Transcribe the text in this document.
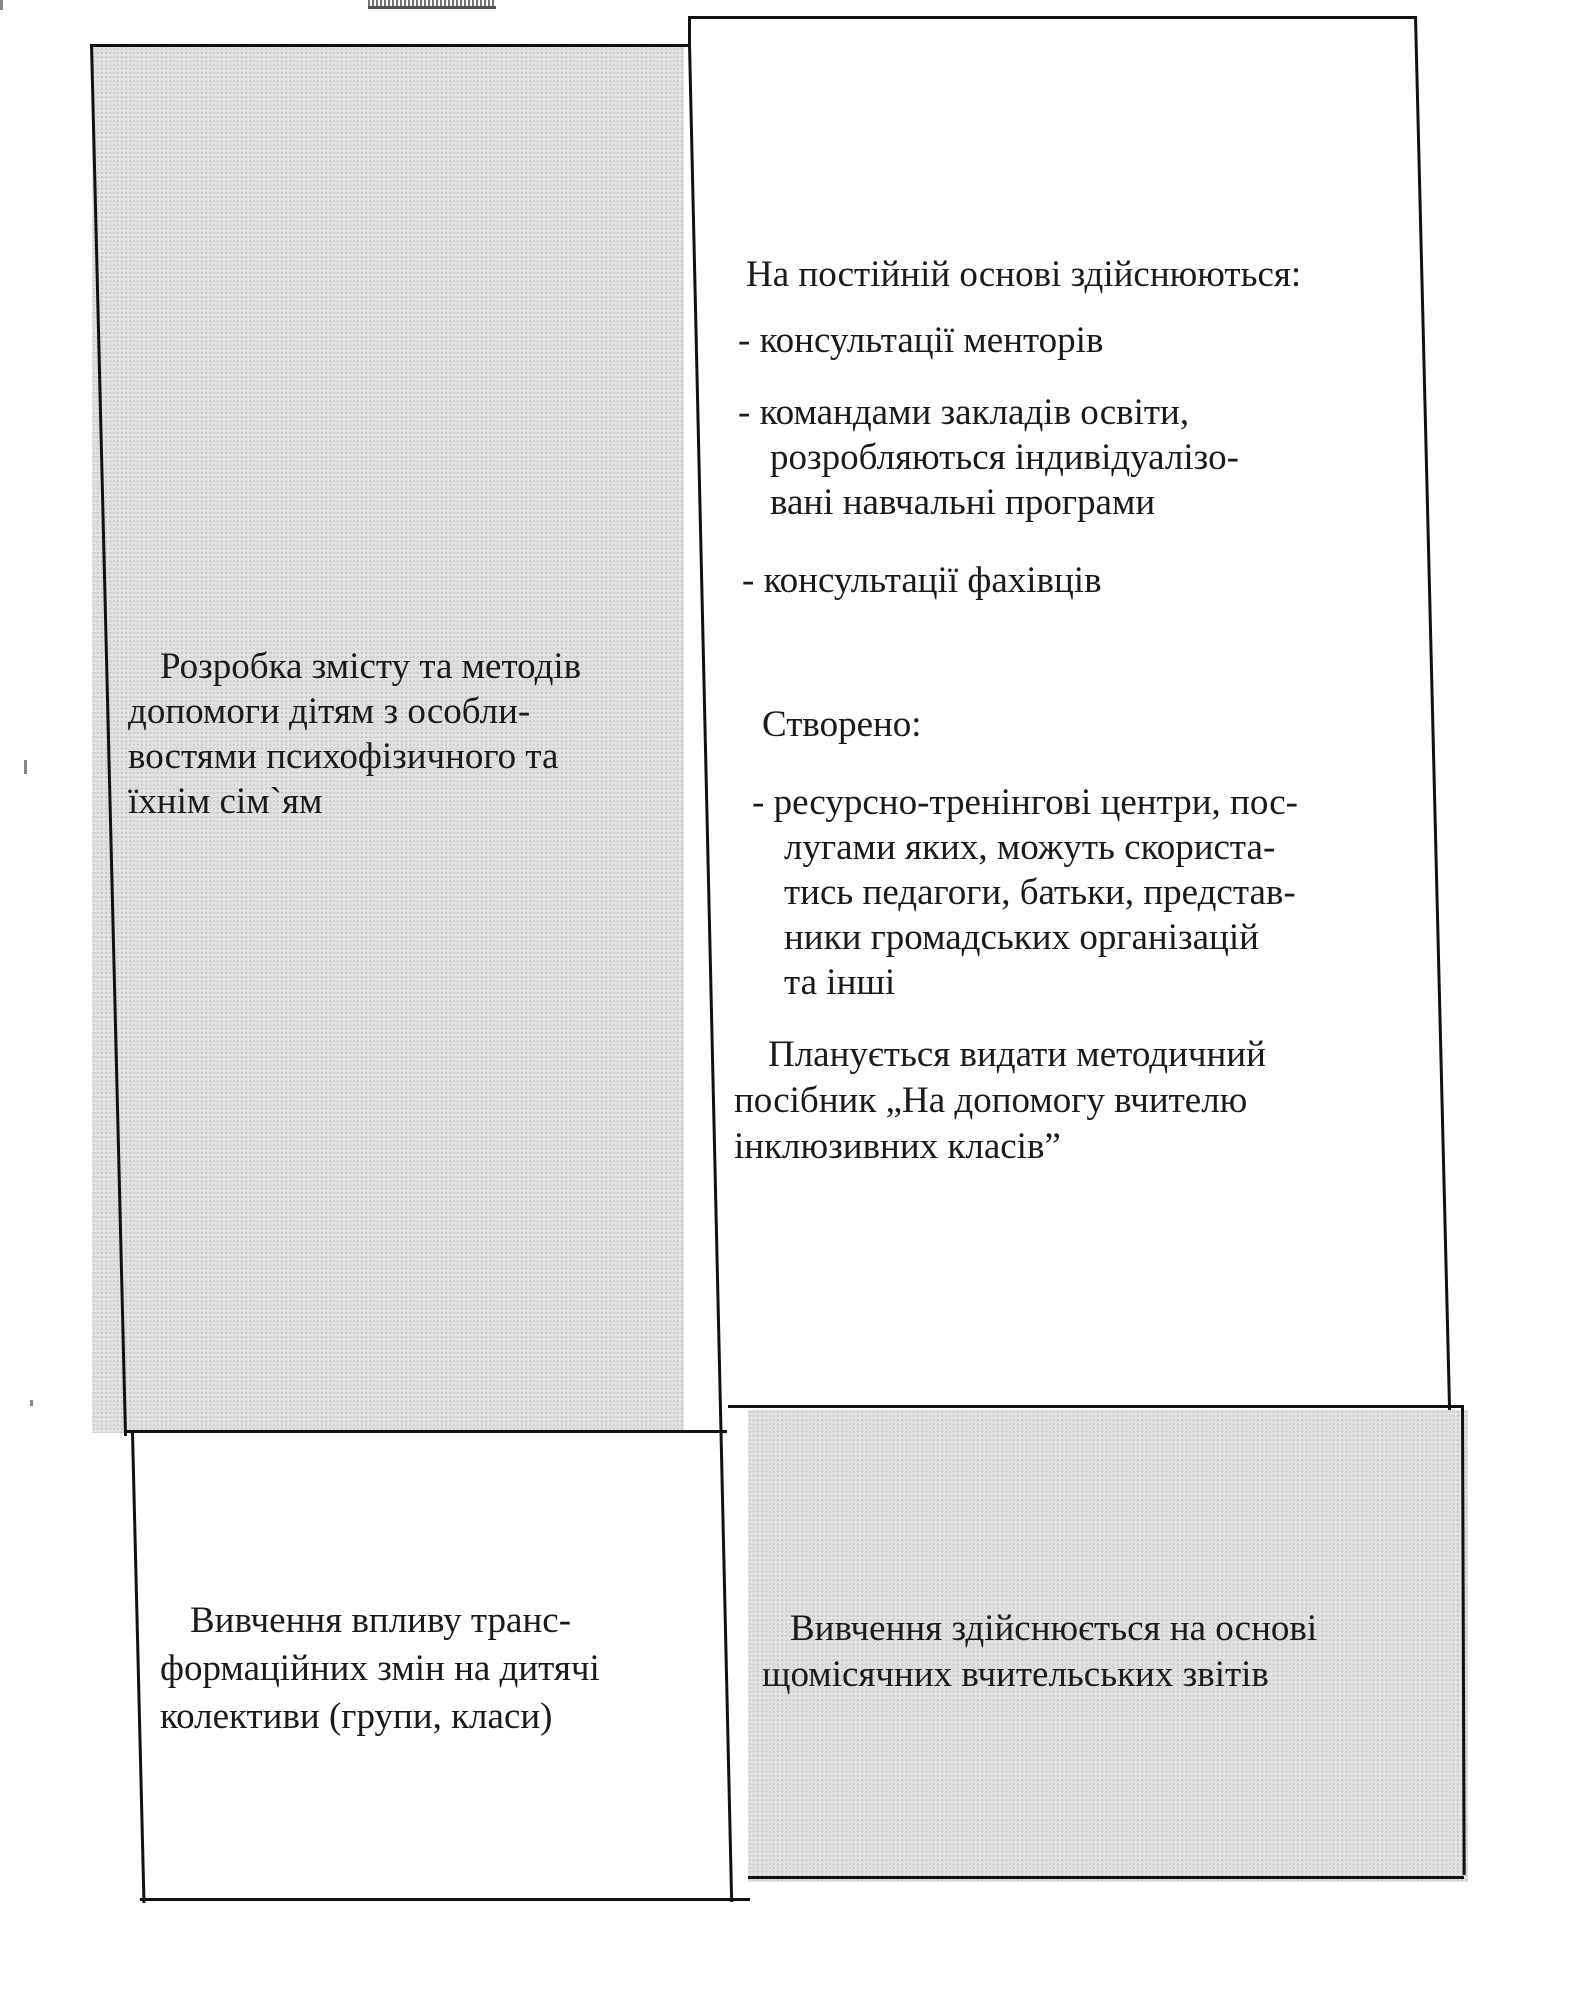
Розробка змісту та методів
допомоги дітям з особли-
востями психофізичного та
їхнім сім`ям
На постійній основі здійснюються:
- консультації менторів
- командами закладів освіти,
розробляються індивідуалізо-
вані навчальні програми
- консультації фахівців
Створено:
- ресурсно-тренінгові центри, пос-
лугами яких, можуть скориста-
тись педагоги, батьки, представ-
ники громадських організацій
та інші
Планується видати методичний
посібник „На допомогу вчителю
інклюзивних класів”
Вивчення впливу транс-
формаційних змін на дитячі
колективи (групи, класи)
Вивчення здійснюється на основі
щомісячних вчительських звітів
